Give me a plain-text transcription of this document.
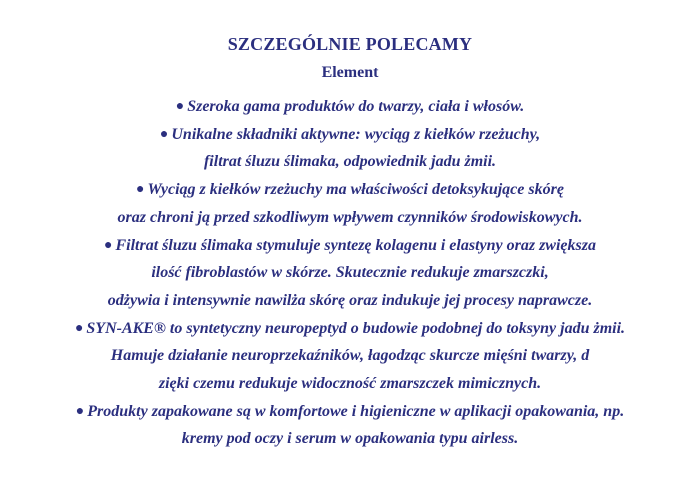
SZCZEGÓLNIE POLECAMY
Element
● Szeroka gama produktów do twarzy, ciała i włosów.
● Unikalne składniki aktywne: wyciąg z kiełków rzeżuchy,
filtrat śluzu ślimaka, odpowiednik jadu żmii.
● Wyciąg z kiełków rzeżuchy ma właściwości detoksykujące skórę
oraz chroni ją przed szkodliwym wpływem czynników środowiskowych.
● Filtrat śluzu ślimaka stymuluje syntezę kolagenu i elastyny oraz zwiększa
ilość fibroblastów w skórze. Skutecznie redukuje zmarszczki,
odżywia i intensywnie nawilża skórę oraz indukuje jej procesy naprawcze.
● SYN-AKE® to syntetyczny neuropeptyd o budowie podobnej do toksyny jadu żmii.
Hamuje działanie neuroprzekaźników, łagodząc skurcze mięśni twarzy, d
zięki czemu redukuje widoczność zmarszczek mimicznych.
● Produkty zapakowane są w komfortowe i higieniczne w aplikacji opakowania, np.
kremy pod oczy i serum w opakowania typu airless.
